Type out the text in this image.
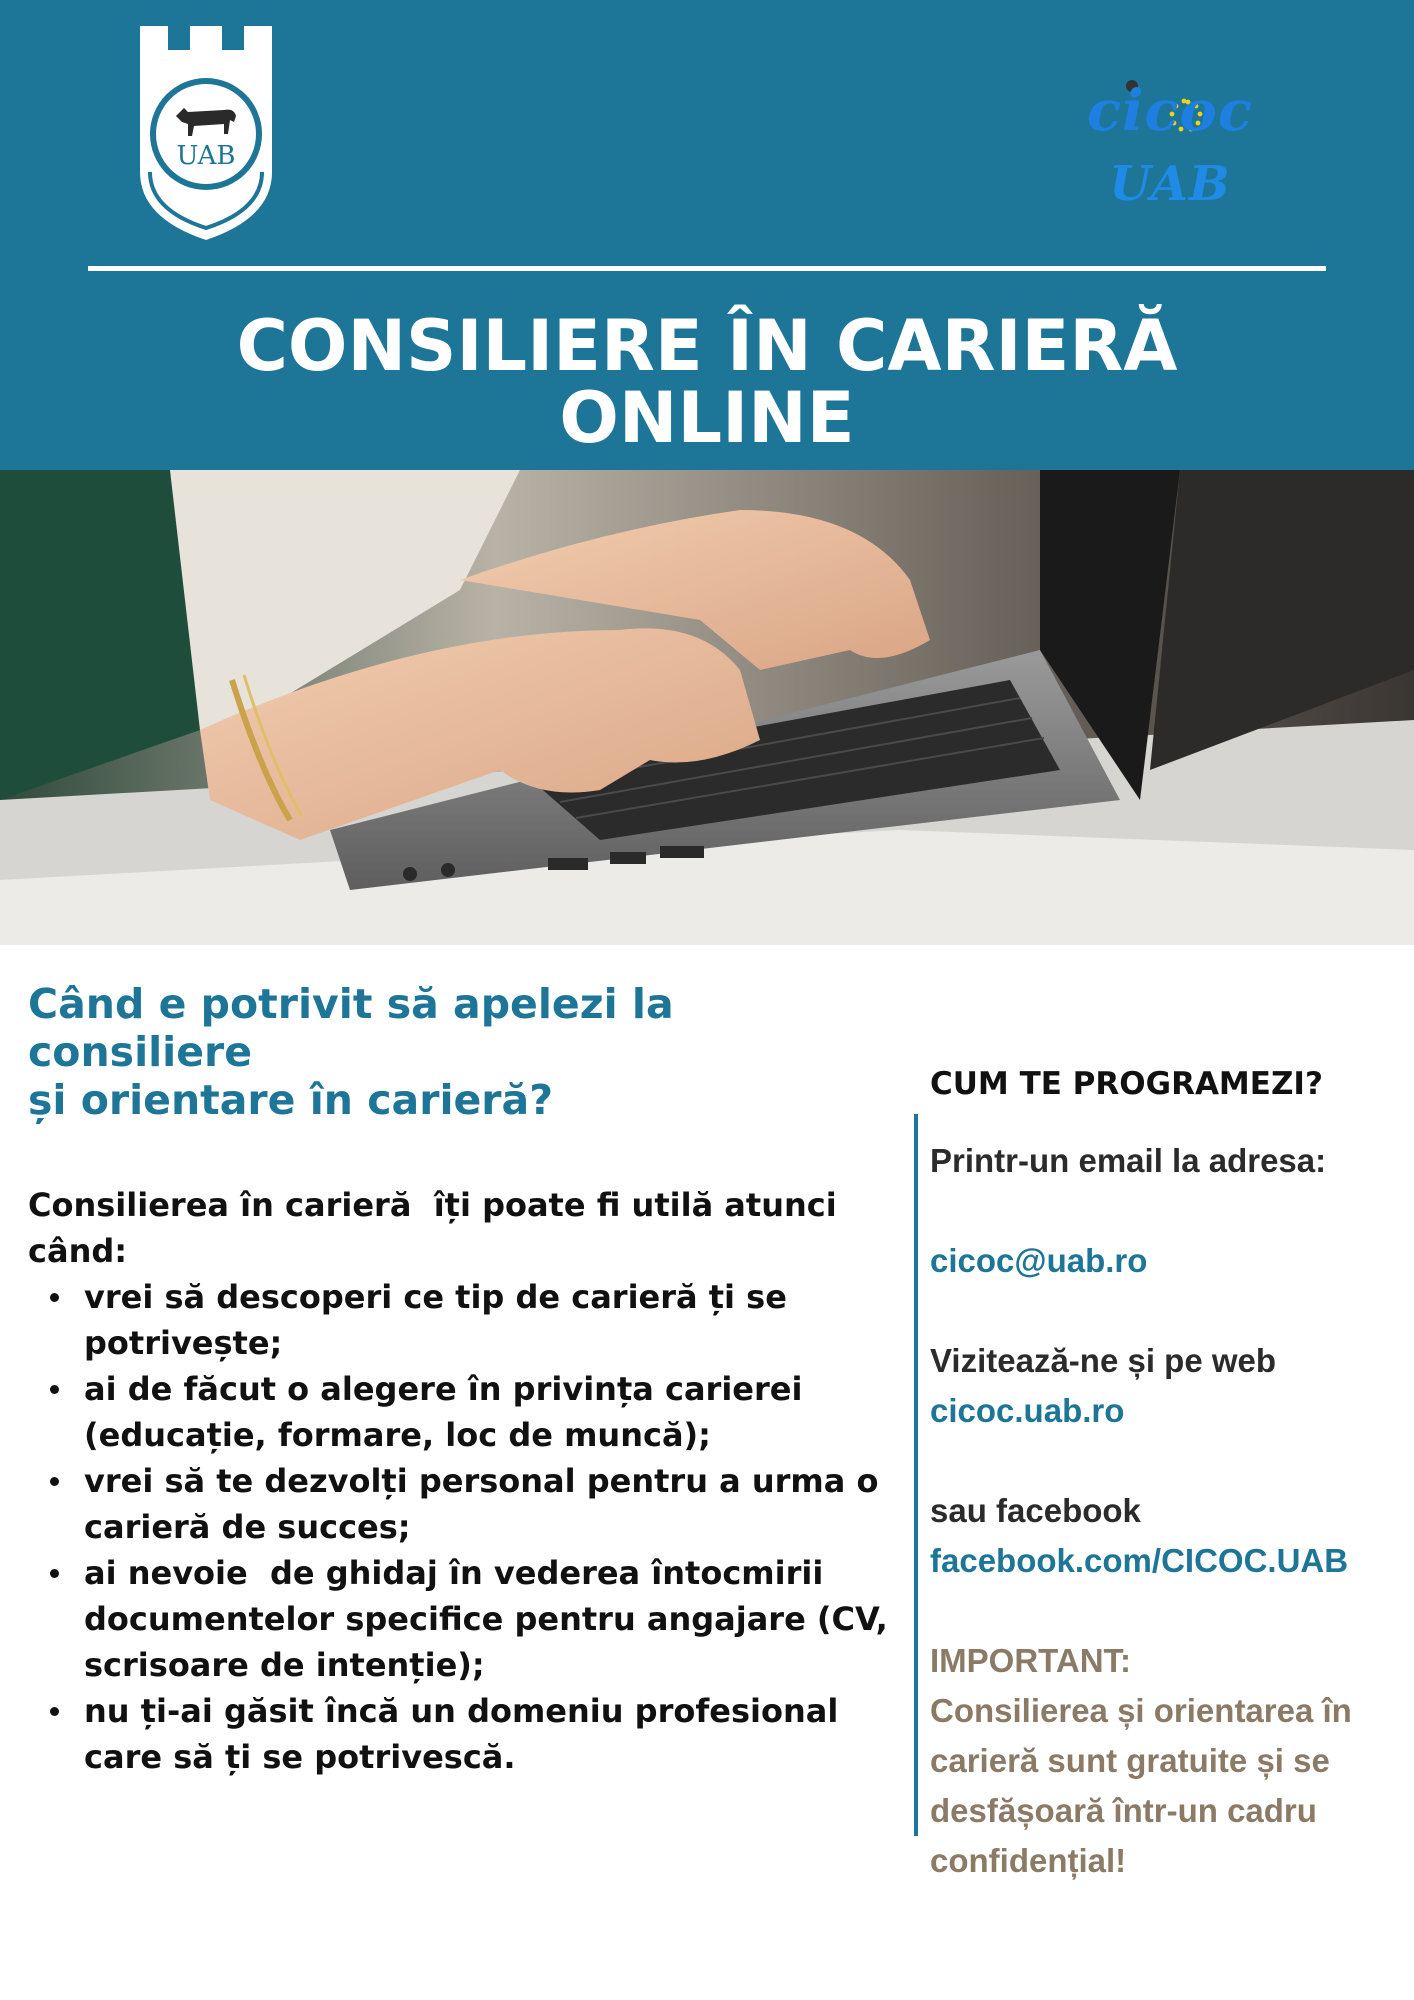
UAB
cicoc
UAB
CONSILIERE ÎN CARIERĂ
ONLINE
Când e potrivit să apelezi la consiliere
și orientare în carieră?
Consilierea în carieră  îți poate fi utilă atunci
când:
vrei să descoperi ce tip de carieră ți se
potrivește;
ai de făcut o alegere în privința carierei
(educație, formare, loc de muncă);
vrei să te dezvolți personal pentru a urma o
carieră de succes;
ai nevoie  de ghidaj în vederea întocmirii
documentelor specifice pentru angajare (CV,
scrisoare de intenție);
nu ți-ai găsit încă un domeniu profesional
care să ți se potrivescă.
CUM TE PROGRAMEZI?
Printr-un email la adresa:
cicoc@uab.ro
Vizitează-ne și pe web
cicoc.uab.ro
sau facebook
facebook.com/CICOC.UAB
IMPORTANT:
Consilierea și orientarea în
carieră sunt gratuite și se
desfășoară într-un cadru
confidențial!
